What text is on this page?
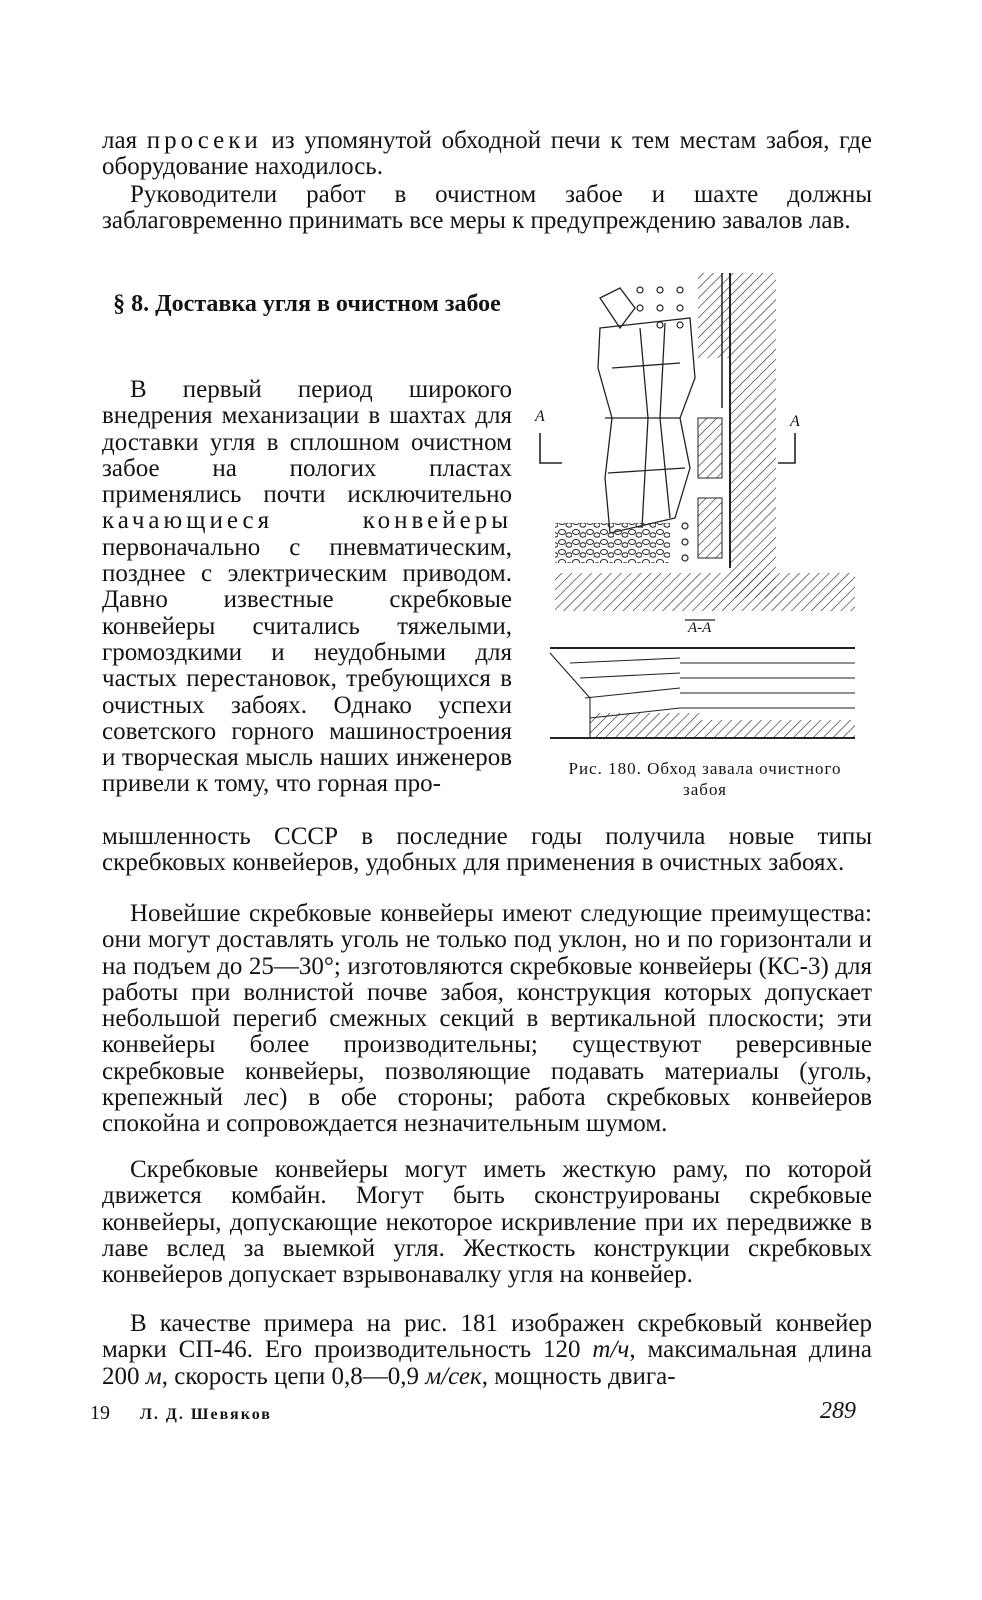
лая просеки из упомянутой обходной печи к тем местам забоя, где оборудование находилось.

Руководители работ в очистном забое и шахте должны заблаговременно принимать все меры к предупреждению завалов лав.

§ 8. Доставка угля в очистном забое

В первый период широкого внедрения механизации в шахтах для доставки угля в сплошном очистном забое на пологих пластах применялись почти исключительно качающиеся конвейеры первоначально с пневматическим, позднее с электрическим приводом. Давно известные скребковые конвейеры считались тяжелыми, громоздкими и неудобными для частых перестановок, требующихся в очистных забоях. Однако успехи советского горного машиностроения и творческая мысль наших инженеров привели к тому, что горная про-

мышленность СССР в последние годы получила новые типы скребковых конвейеров, удобных для применения в очистных забоях.

А	А
А-А

Рис. 180. Обход завала очистного забоя

Новейшие скребковые конвейеры имеют следующие преимущества: они могут доставлять уголь не только под уклон, но и по горизонтали и на подъем до 25—30°; изготовляются скребковые конвейеры (КС-3) для работы при волнистой почве забоя, конструкция которых допускает небольшой перегиб смежных секций в вертикальной плоскости; эти конвейеры более производительны; существуют реверсивные скребковые конвейеры, позволяющие подавать материалы (уголь, крепежный лес) в обе стороны; работа скребковых конвейеров спокойна и сопровождается незначительным шумом.

Скребковые конвейеры могут иметь жесткую раму, по которой движется комбайн. Могут быть сконструированы скребковые конвейеры, допускающие некоторое искривление при их передвижке в лаве вслед за выемкой угля. Жесткость конструкции скребковых конвейеров допускает взрывонавалку угля на конвейер.

В качестве примера на рис. 181 изображен скребковый конвейер марки СП-46. Его производительность 120 т/ч, максимальная длина 200 м, скорость цепи 0,8—0,9 м/сек, мощность двига-

19 Л. Д. Шевяков	289
